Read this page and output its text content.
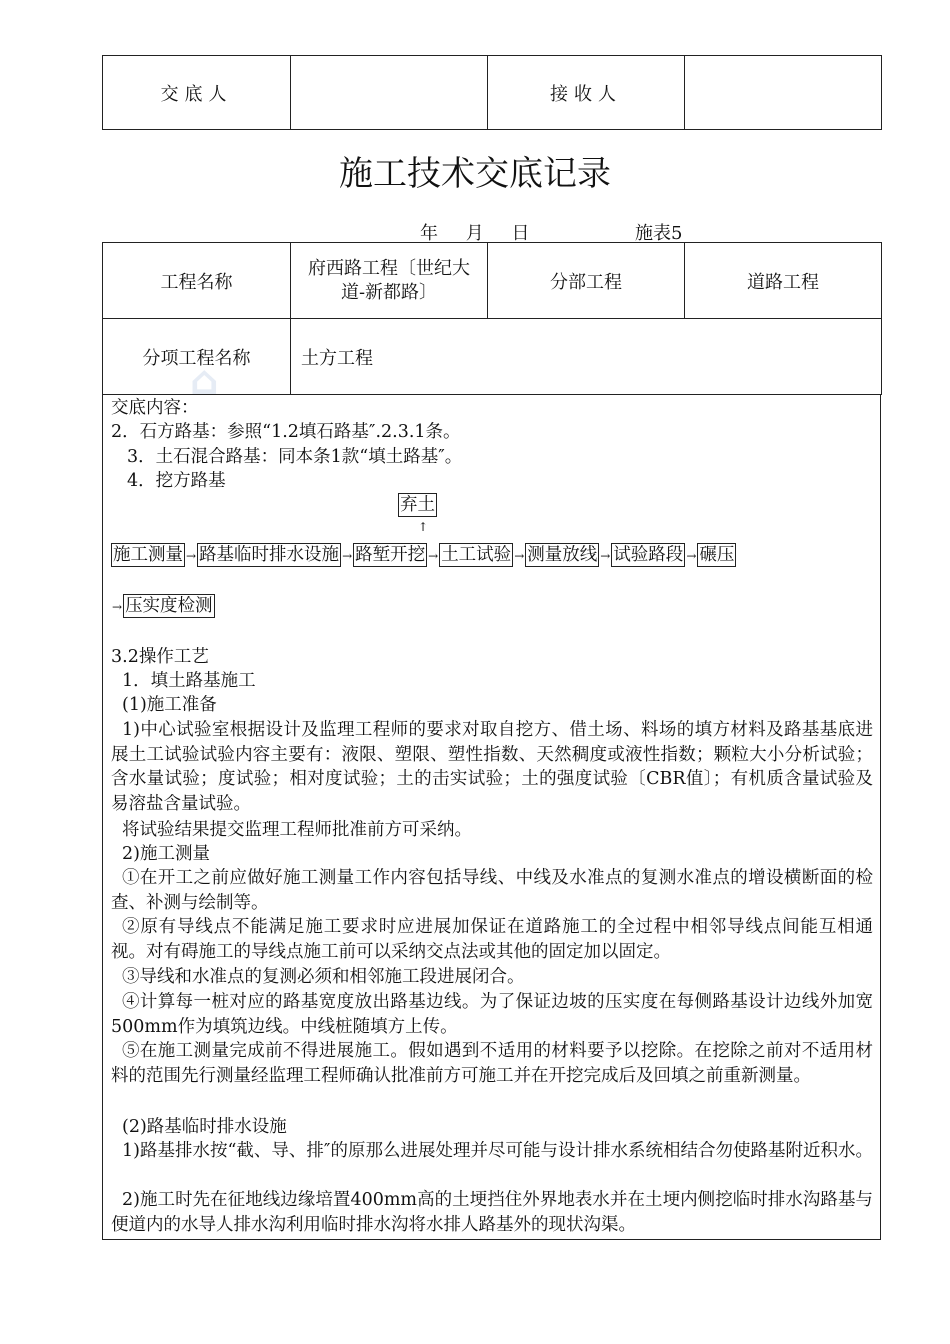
交底人		接收人	
施工技术交底记录
年 月 日	施表5
工程名称	府西路工程〔世纪大道-新都路〕	分部工程	道路工程
分项工程名称	土方工程		
⌂
交底内容：
2．石方路基：参照“1.2填石路基″.2.3.1条。
3．土石混合路基：同本条1款“填土路基″。
4．挖方路基
弃土
↑
施工测量 → 路基临时排水设施 → 路堑开挖 → 土工试验 → 测量放线 → 试验路段 → 碾压
→ 压实度检测
3.2操作工艺
1．填土路基施工
(1)施工准备
1)中心试验室根据设计及监理工程师的要求对取自挖方、借土场、料场的填方材料及路基基底进展土工试验试验内容主要有：液限、塑限、塑性指数、天然稠度或液性指数；颗粒大小分析试验；含水量试验；度试验；相对度试验；土的击实试验；土的强度试验〔CBR值〕；有机质含量试验及易溶盐含量试验。
将试验结果提交监理工程师批准前方可采纳。
2)施工测量
①在开工之前应做好施工测量工作内容包括导线、中线及水准点的复测水准点的增设横断面的检查、补测与绘制等。
②原有导线点不能满足施工要求时应进展加保证在道路施工的全过程中相邻导线点间能互相通视。对有碍施工的导线点施工前可以采纳交点法或其他的固定加以固定。
③导线和水准点的复测必须和相邻施工段进展闭合。
④计算每一桩对应的路基宽度放出路基边线。为了保证边坡的压实度在每侧路基设计边线外加宽500mm作为填筑边线。中线桩随填方上传。
⑤在施工测量完成前不得进展施工。假如遇到不适用的材料要予以挖除。在挖除之前对不适用材料的范围先行测量经监理工程师确认批准前方可施工并在开挖完成后及回填之前重新测量。
(2)路基临时排水设施
1)路基排水按“截、导、排″的原那么进展处理并尽可能与设计排水系统相结合勿使路基附近积水。
2)施工时先在征地线边缘培置400mm高的土埂挡住外界地表水并在土埂内侧挖临时排水沟路基与便道内的水导人排水沟利用临时排水沟将水排人路基外的现状沟渠。
